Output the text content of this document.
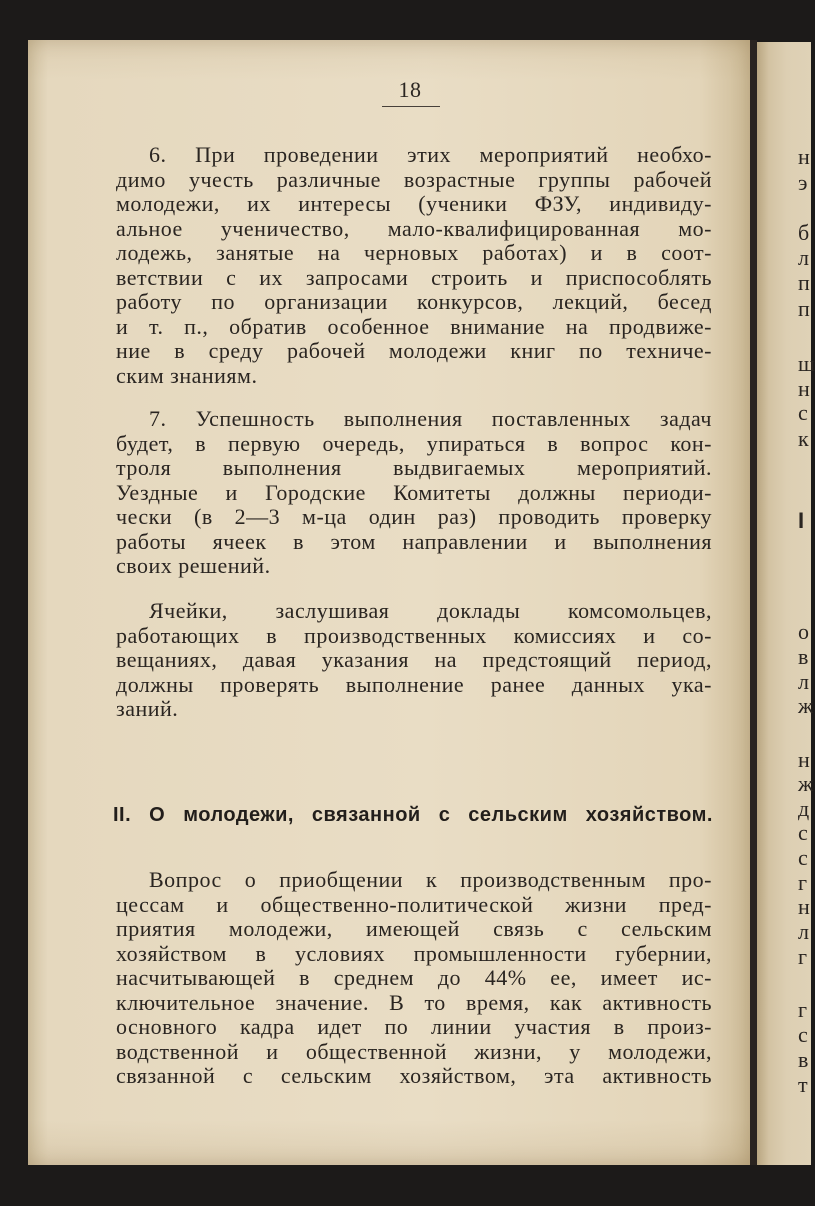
18
6. При проведении этих мероприятий необхо-
димо учесть различные возрастные группы рабочей
молодежи, их интересы (ученики ФЗУ, индивиду-
альное ученичество, мало-квалифицированная мо-
лодежь, занятые на черновых работах) и в соот-
ветствии с их запросами строить и приспособлять
работу по организации конкурсов, лекций, бесед
и т. п., обратив особенное внимание на продвиже-
ние в среду рабочей молодежи книг по техниче-
ским знаниям.
7. Успешность выполнения поставленных задач
будет, в первую очередь, упираться в вопрос кон-
троля выполнения выдвигаемых мероприятий.
Уездные и Городские Комитеты должны периоди-
чески (в 2—3 м-ца один раз) проводить проверку
работы ячеек в этом направлении и выполнения
своих решений.
Ячейки, заслушивая доклады комсомольцев,
работающих в производственных комиссиях и со-
вещаниях, давая указания на предстоящий период,
должны проверять выполнение ранее данных ука-
заний.
II. О молодежи, связанной с сельским хозяйством.
Вопрос о приобщении к производственным про-
цессам и общественно-политической жизни пред-
приятия молодежи, имеющей связь с сельским
хозяйством в условиях промышленности губернии,
насчитывающей в среднем до 44% ее, имеет ис-
ключительное значение. В то время, как активность
основного кадра идет по линии участия в произ-
водственной и общественной жизни, у молодежи,
связанной с сельским хозяйством, эта активность
н
э
б
л
п
п
ш
н
с
к
I
о
в
л
ж
н
ж
д
с
с
г
н
л
г
г
с
в
т
